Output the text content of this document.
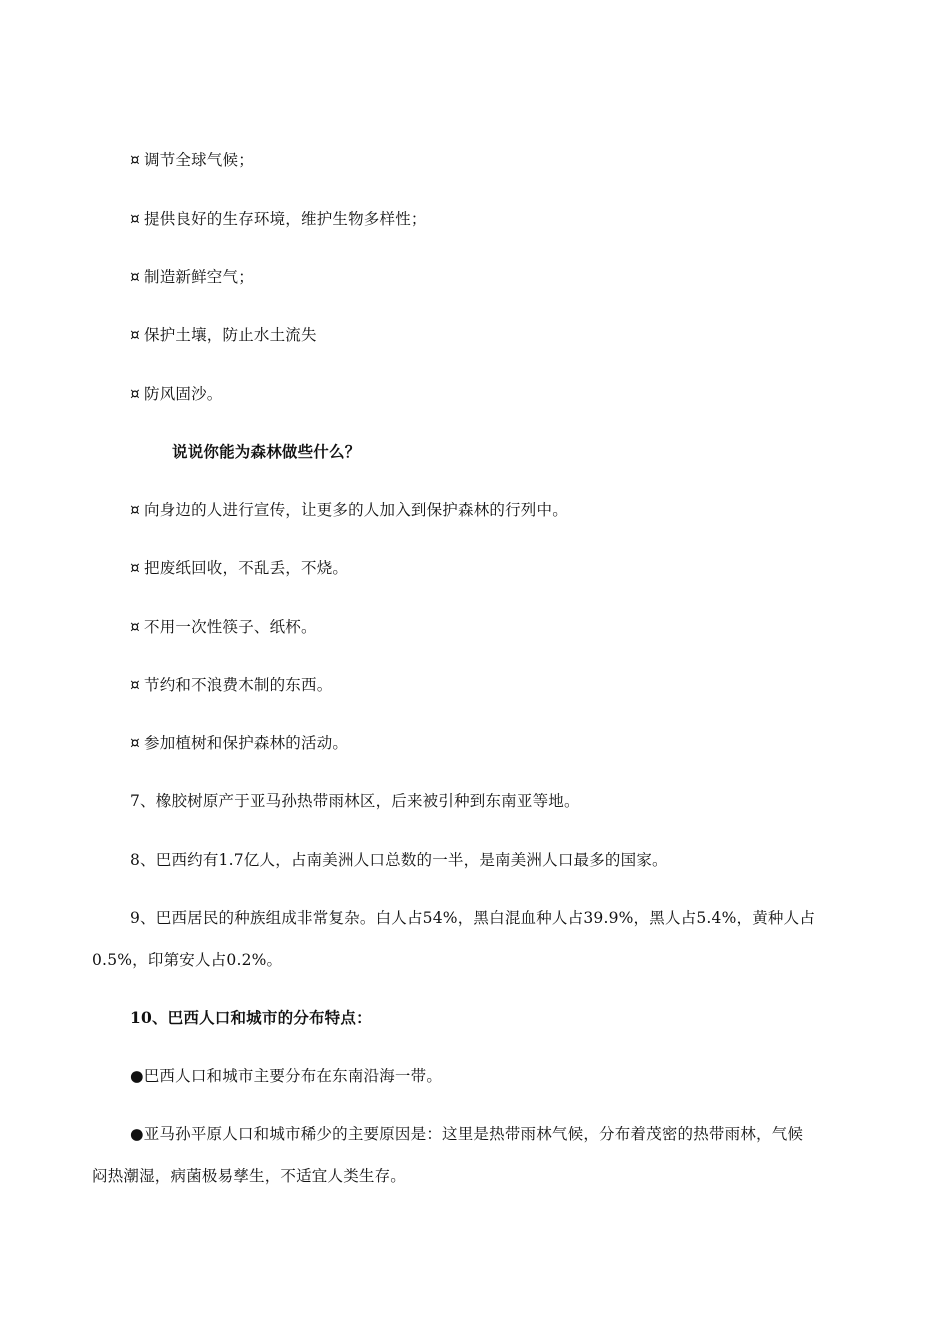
¤ 调节全球气候；
¤ 提供良好的生存环境，维护生物多样性；
¤ 制造新鲜空气；
¤ 保护土壤，防止水土流失
¤ 防风固沙。
说说你能为森林做些什么？
¤ 向身边的人进行宣传，让更多的人加入到保护森林的行列中。
¤ 把废纸回收，不乱丢，不烧。
¤ 不用一次性筷子、纸杯。
¤ 节约和不浪费木制的东西。
¤ 参加植树和保护森林的活动。
7、橡胶树原产于亚马孙热带雨林区，后来被引种到东南亚等地。
8、巴西约有1.7亿人，占南美洲人口总数的一半，是南美洲人口最多的国家。
9、巴西居民的种族组成非常复杂。白人占54%，黑白混血种人占39.9%，黑人占5.4%，黄种人占
0.5%，印第安人占0.2%。
10、巴西人口和城市的分布特点：
●巴西人口和城市主要分布在东南沿海一带。
●亚马孙平原人口和城市稀少的主要原因是：这里是热带雨林气候，分布着茂密的热带雨林，气候
闷热潮湿，病菌极易孳生，不适宜人类生存。
